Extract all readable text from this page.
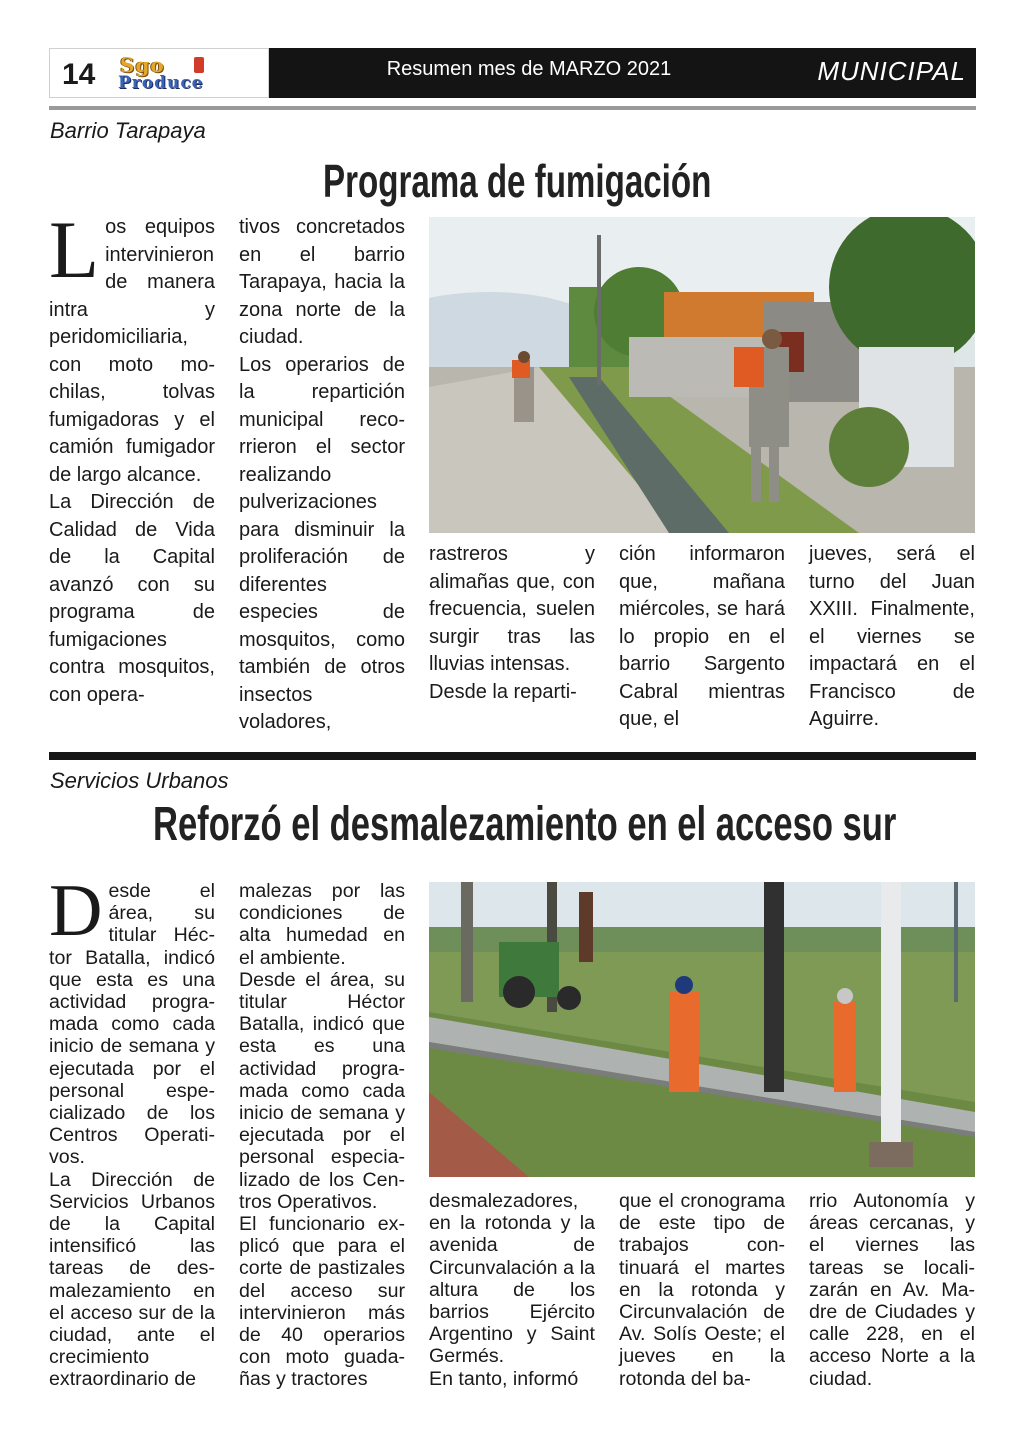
14 Sgo
Produce
Resumen mes de MARZO 2021	MUNICIPAL
Barrio Tarapaya
Programa de fumigación
L os equipos intervinieron de manera intra y peridomiciliaria, con moto mochilas, tolvas fumigadoras y el camión fumigador de largo alcance.

La Dirección de Calidad de Vida de la Capital avanzó con su programa de fumigaciones contra mosquitos, con opera-

tivos concretados en el barrio Tarapaya, hacia la zona norte de la ciudad.

Los operarios de la repartición municipal recorrieron el sector realizando pulverizaciones para disminuir la proliferación de diferentes especies de mosquitos, como también de otros insectos voladores,

rastreros y alimañas que, con frecuencia, suelen surgir tras las lluvias intensas.

Desde la reparti-

ción informaron que, mañana miércoles, se hará lo propio en el barrio Sargento Cabral mientras que, el

jueves, será el turno del Juan XXIII. Finalmente, el viernes se impactará en el Francisco de Aguirre.

Servicios Urbanos
Reforzó el desmalezamiento en el acceso sur
D esde el área, su titular Héctor Batalla, indicó que esta es una actividad programada como cada inicio de semana y ejecutada por el personal especializado de los Centros Operativos.

La Dirección de Servicios Urbanos de la Capital intensificó las tareas de desmalezamiento en el acceso sur de la ciudad, ante el crecimiento extraordinario de

malezas por las condiciones de alta humedad en el ambiente.

Desde el área, su titular Héctor Batalla, indicó que esta es una actividad programada como cada inicio de semana y ejecutada por el personal especializado de los Centros Operativos.

El funcionario explicó que para el corte de pastizales del acceso sur intervinieron más de 40 operarios con moto guadañas y tractores

desmalezadores, en la rotonda y la avenida de Circunvalación a la altura de los barrios Ejército Argentino y Saint Germés.

En tanto, informó

que el cronograma de este tipo de trabajos continuará el martes en la rotonda y Circunvalación de Av. Solís Oeste; el jueves en la rotonda del ba-

rrio Autonomía y áreas cercanas, y el viernes las tareas se localizarán en Av. Madre de Ciudades y calle 228, en el acceso Norte a la ciudad.
